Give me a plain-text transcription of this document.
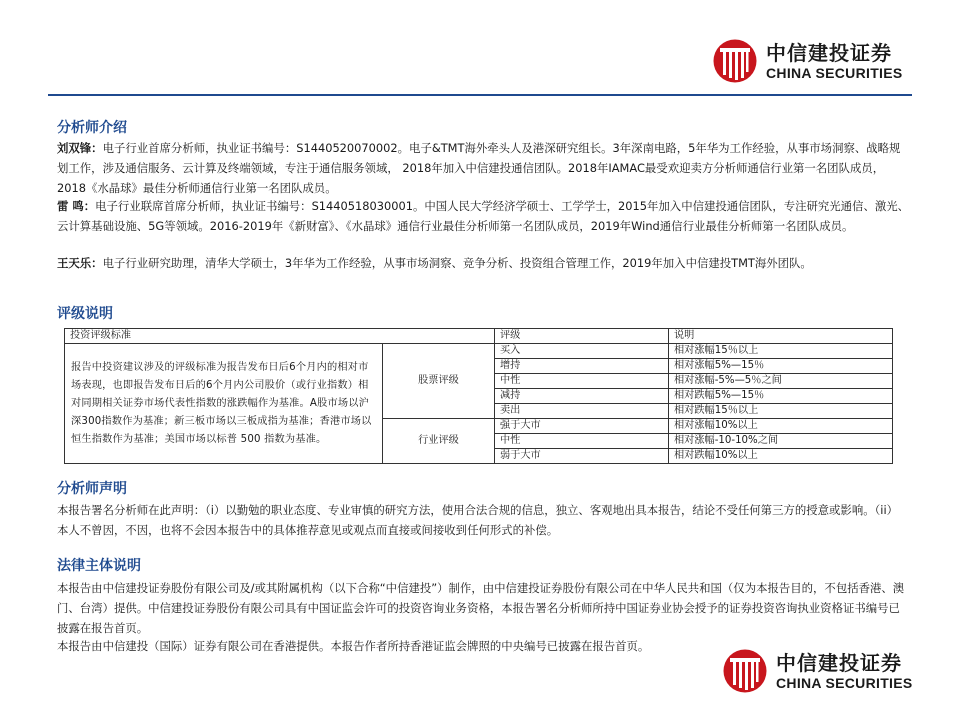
中信建投证券
CHINA SECURITIES
分析师介绍

刘双锋：电子行业首席分析师，执业证书编号：S1440520070002。电子&TMT海外牵头人及港深研究组长。3年深南电路，5年华为工作经验，从事市场洞察、战略规划工作，涉及通信服务、云计算及终端领域，专注于通信服务领域， 2018年加入中信建投通信团队。2018年IAMAC最受欢迎卖方分析师通信行业第一名团队成员，2018《水晶球》最佳分析师通信行业第一名团队成员。

雷 鸣：电子行业联席首席分析师，执业证书编号：S1440518030001。中国人民大学经济学硕士、工学学士，2015年加入中信建投通信团队，专注研究光通信、激光、云计算基础设施、5G等领域。2016-2019年《新财富》、《水晶球》通信行业最佳分析师第一名团队成员，2019年Wind通信行业最佳分析师第一名团队成员。

王天乐：电子行业研究助理，清华大学硕士，3年华为工作经验，从事市场洞察、竞争分析、投资组合管理工作，2019年加入中信建投TMT海外团队。

评级说明
投资评级标准		评级	说明
报告中投资建议涉及的评级标准为报告发布日后6个月内的相对市场表现，也即报告发布日后的6个月内公司股价（或行业指数）相对同期相关证券市场代表性指数的涨跌幅作为基准。A股市场以沪深300指数作为基准；新三板市场以三板成指为基准；香港市场以恒生指数作为基准；美国市场以标普 500 指数为基准。	股票评级	买入	相对涨幅15％以上
		增持	相对涨幅5%—15％
		中性	相对涨幅-5%—5％之间
		减持	相对跌幅5%—15％
		卖出	相对跌幅15％以上
	行业评级	强于大市	相对涨幅10%以上
		中性	相对涨幅-10-10%之间
		弱于大市	相对跌幅10%以上
分析师声明

本报告署名分析师在此声明：（i）以勤勉的职业态度、专业审慎的研究方法，使用合法合规的信息，独立、客观地出具本报告，结论不受任何第三方的授意或影响。（ii）本人不曾因，不因，也将不会因本报告中的具体推荐意见或观点而直接或间接收到任何形式的补偿。

法律主体说明

本报告由中信建投证券股份有限公司及/或其附属机构（以下合称“中信建投”）制作，由中信建投证券股份有限公司在中华人民共和国（仅为本报告目的，不包括香港、澳门、台湾）提供。中信建投证券股份有限公司具有中国证监会许可的投资咨询业务资格，本报告署名分析师所持中国证券业协会授予的证券投资咨询执业资格证书编号已披露在报告首页。

本报告由中信建投（国际）证券有限公司在香港提供。本报告作者所持香港证监会牌照的中央编号已披露在报告首页。

中信建投证券
CHINA SECURITIES
